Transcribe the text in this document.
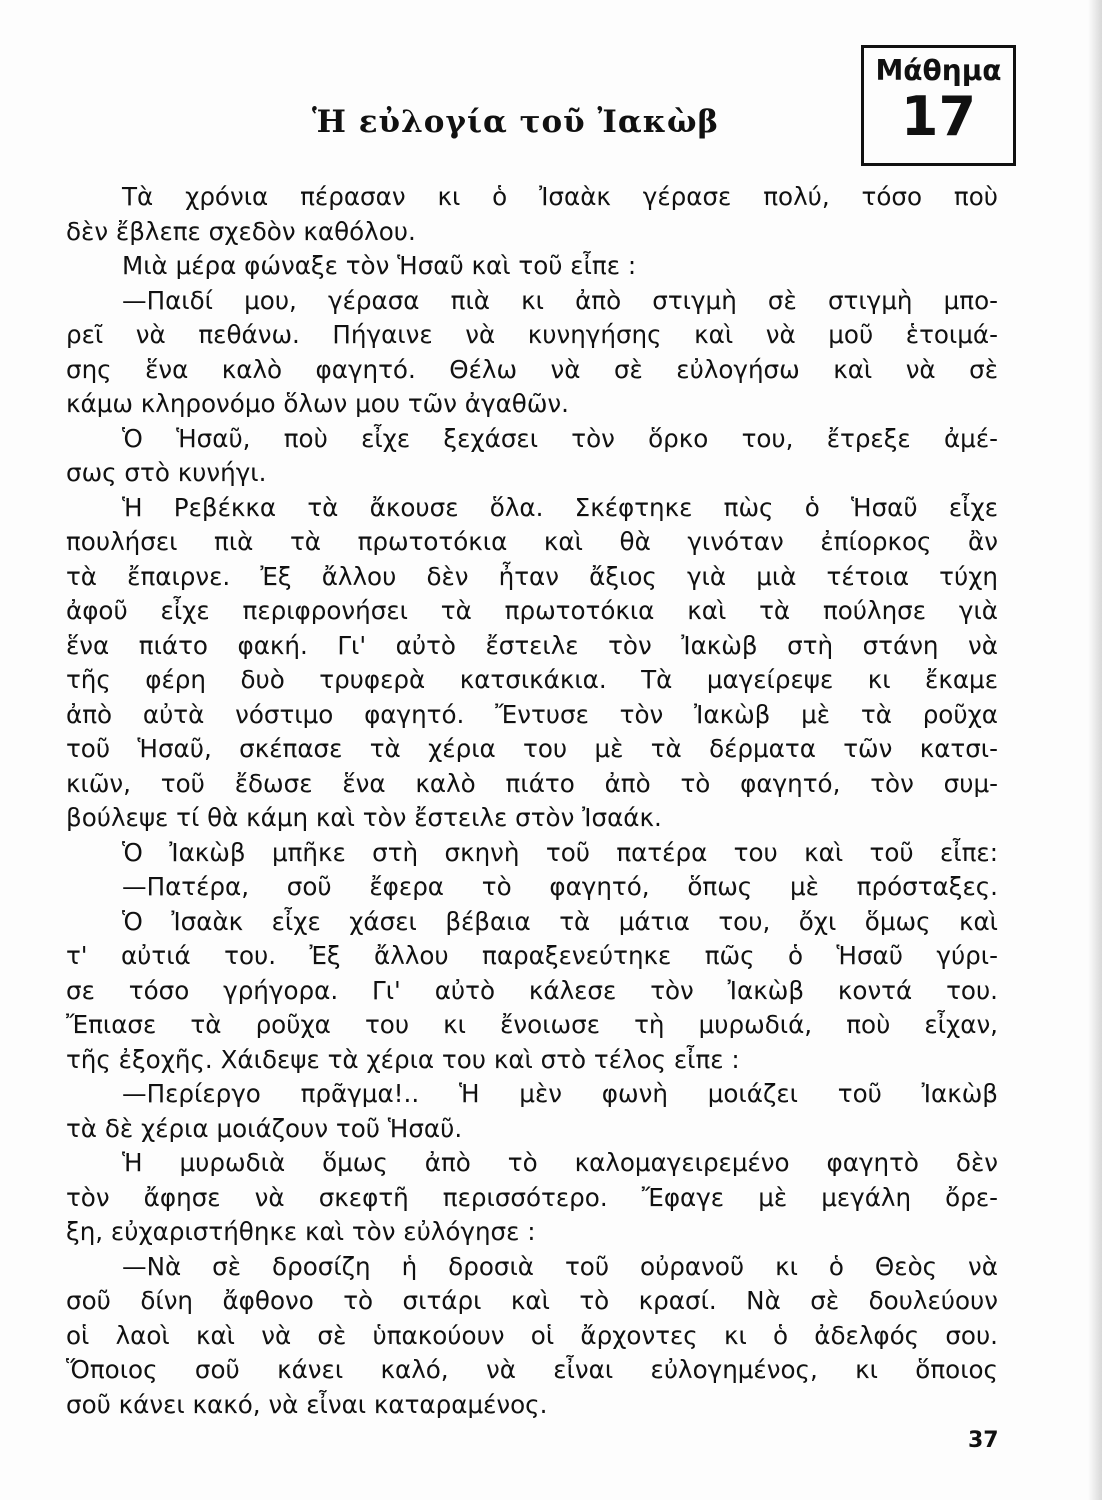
Ἡ εὐλογία τοῦ Ἰακὼβ
Μάθημα
17
Τὰ χρόνια πέρασαν κι ὁ Ἰσαὰκ γέρασε πολύ, τόσο ποὺ
δὲν ἔβλεπε σχεδὸν καθόλου.
Μιὰ μέρα φώναξε τὸν Ἡσαῦ καὶ τοῦ εἶπε :
—Παιδί μου, γέρασα πιὰ κι ἀπὸ στιγμὴ σὲ στιγμὴ μπο-
ρεῖ νὰ πεθάνω. Πήγαινε νὰ κυνηγήσης καὶ νὰ μοῦ ἑτοιμά-
σης ἕνα καλὸ φαγητό. Θέλω νὰ σὲ εὐλογήσω καὶ νὰ σὲ
κάμω κληρονόμο ὅλων μου τῶν ἀγαθῶν.
Ὁ Ἡσαῦ, ποὺ εἶχε ξεχάσει τὸν ὅρκο του, ἔτρεξε ἀμέ-
σως στὸ κυνήγι.
Ἡ Ρεβέκκα τὰ ἄκουσε ὅλα. Σκέφτηκε πὼς ὁ Ἡσαῦ εἶχε
πουλήσει πιὰ τὰ πρωτοτόκια καὶ θὰ γινόταν ἐπίορκος ἂν
τὰ ἔπαιρνε. Ἐξ ἄλλου δὲν ἦταν ἄξιος γιὰ μιὰ τέτοια τύχη
ἀφοῦ εἶχε περιφρονήσει τὰ πρωτοτόκια καὶ τὰ πούλησε γιὰ
ἕνα πιάτο φακή. Γι' αὐτὸ ἔστειλε τὸν Ἰακὼβ στὴ στάνη νὰ
τῆς φέρη δυὸ τρυφερὰ κατσικάκια. Τὰ μαγείρεψε κι ἔκαμε
ἀπὸ αὐτὰ νόστιμο φαγητό. Ἔντυσε τὸν Ἰακὼβ μὲ τὰ ροῦχα
τοῦ Ἡσαῦ, σκέπασε τὰ χέρια του μὲ τὰ δέρματα τῶν κατσι-
κιῶν, τοῦ ἔδωσε ἕνα καλὸ πιάτο ἀπὸ τὸ φαγητό, τὸν συμ-
βούλεψε τί θὰ κάμη καὶ τὸν ἔστειλε στὸν Ἰσαάκ.
Ὁ Ἰακὼβ μπῆκε στὴ σκηνὴ τοῦ πατέρα του καὶ τοῦ εἶπε:
—Πατέρα, σοῦ ἔφερα τὸ φαγητό, ὅπως μὲ πρόσταξες.
Ὁ Ἰσαὰκ εἶχε χάσει βέβαια τὰ μάτια του, ὄχι ὅμως καὶ
τ' αὐτιά του. Ἐξ ἄλλου παραξενεύτηκε πῶς ὁ Ἡσαῦ γύρι-
σε τόσο γρήγορα. Γι' αὐτὸ κάλεσε τὸν Ἰακὼβ κοντά του.
Ἔπιασε τὰ ροῦχα του κι ἔνοιωσε τὴ μυρωδιά, ποὺ εἶχαν,
τῆς ἐξοχῆς. Χάιδεψε τὰ χέρια του καὶ στὸ τέλος εἶπε :
—Περίεργο πρᾶγμα!.. Ἡ μὲν φωνὴ μοιάζει τοῦ Ἰακὼβ
τὰ δὲ χέρια μοιάζουν τοῦ Ἡσαῦ.
Ἡ μυρωδιὰ ὅμως ἀπὸ τὸ καλομαγειρεμένο φαγητὸ δὲν
τὸν ἄφησε νὰ σκεφτῆ περισσότερο. Ἔφαγε μὲ μεγάλη ὄρε-
ξη, εὐχαριστήθηκε καὶ τὸν εὐλόγησε :
—Νὰ σὲ δροσίζη ἡ δροσιὰ τοῦ οὐρανοῦ κι ὁ Θεὸς νὰ
σοῦ δίνη ἄφθονο τὸ σιτάρι καὶ τὸ κρασί. Νὰ σὲ δουλεύουν
οἱ λαοὶ καὶ νὰ σὲ ὑπακούουν οἱ ἄρχοντες κι ὁ ἀδελφός σου.
Ὅποιος σοῦ κάνει καλό, νὰ εἶναι εὐλογημένος, κι ὅποιος
σοῦ κάνει κακό, νὰ εἶναι καταραμένος.
37
